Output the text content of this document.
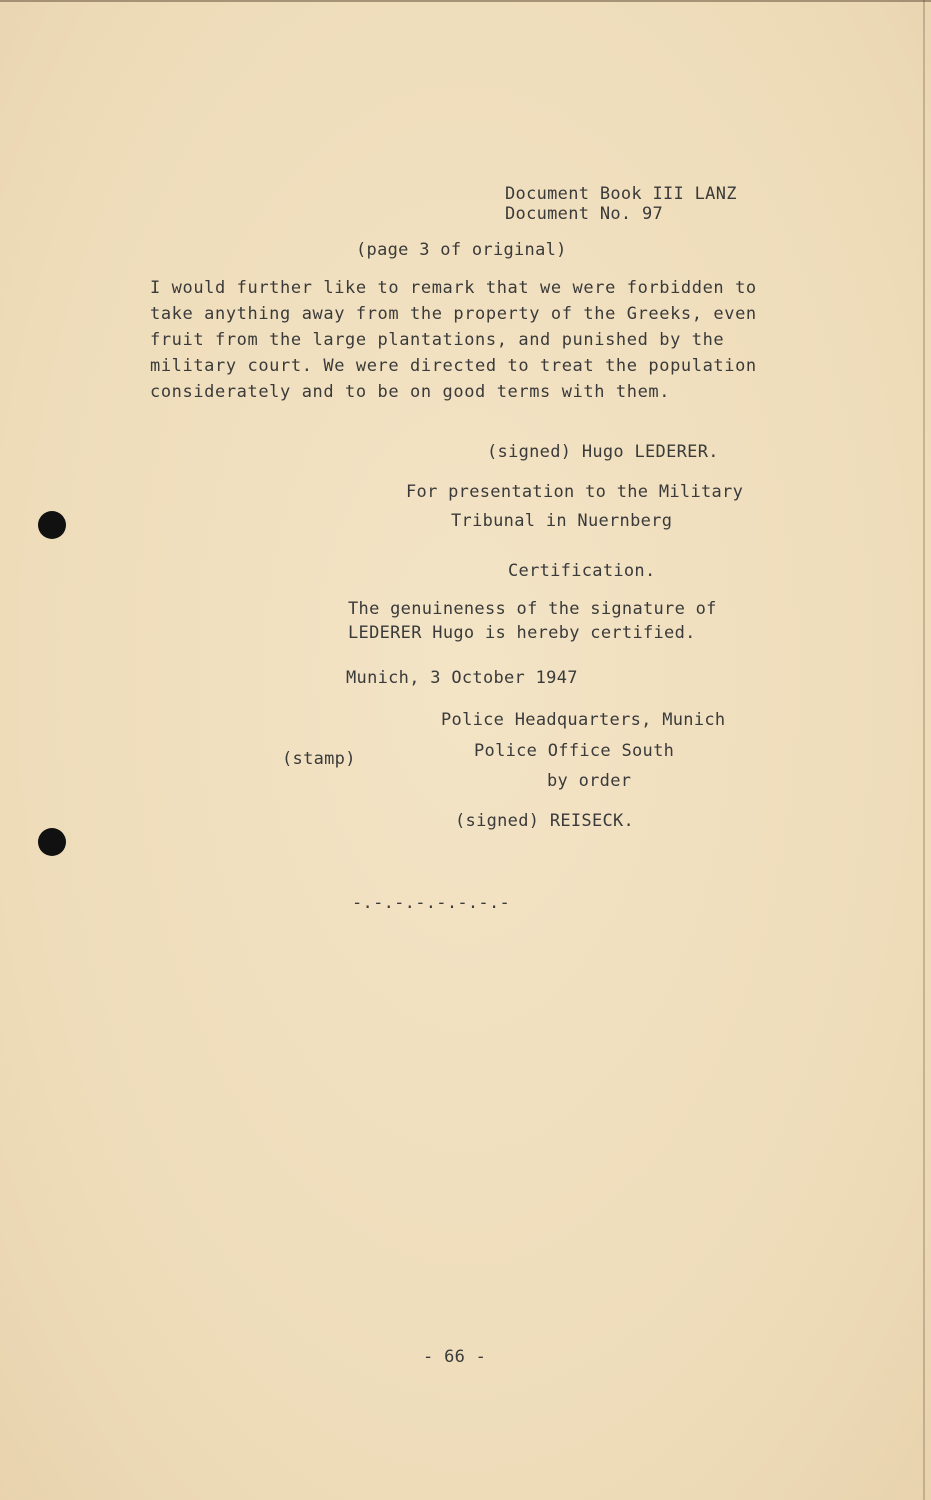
Document Book III LANZ
Document No. 97
(page 3 of original)
I would further like to remark that we were forbidden to
take anything away from the property of the Greeks, even
fruit from the large plantations, and punished by the
military court. We were directed to treat the population
considerately and to be on good terms with them.
(signed) Hugo LEDERER.
For presentation to the Military
Tribunal in Nuernberg
Certification.
The genuineness of the signature of
LEDERER Hugo is hereby certified.
Munich, 3 October 1947
Police Headquarters, Munich
Police Office South
by order
(stamp)
(signed) REISECK.
-.-.-.-.-.-.-.-
- 66 -
